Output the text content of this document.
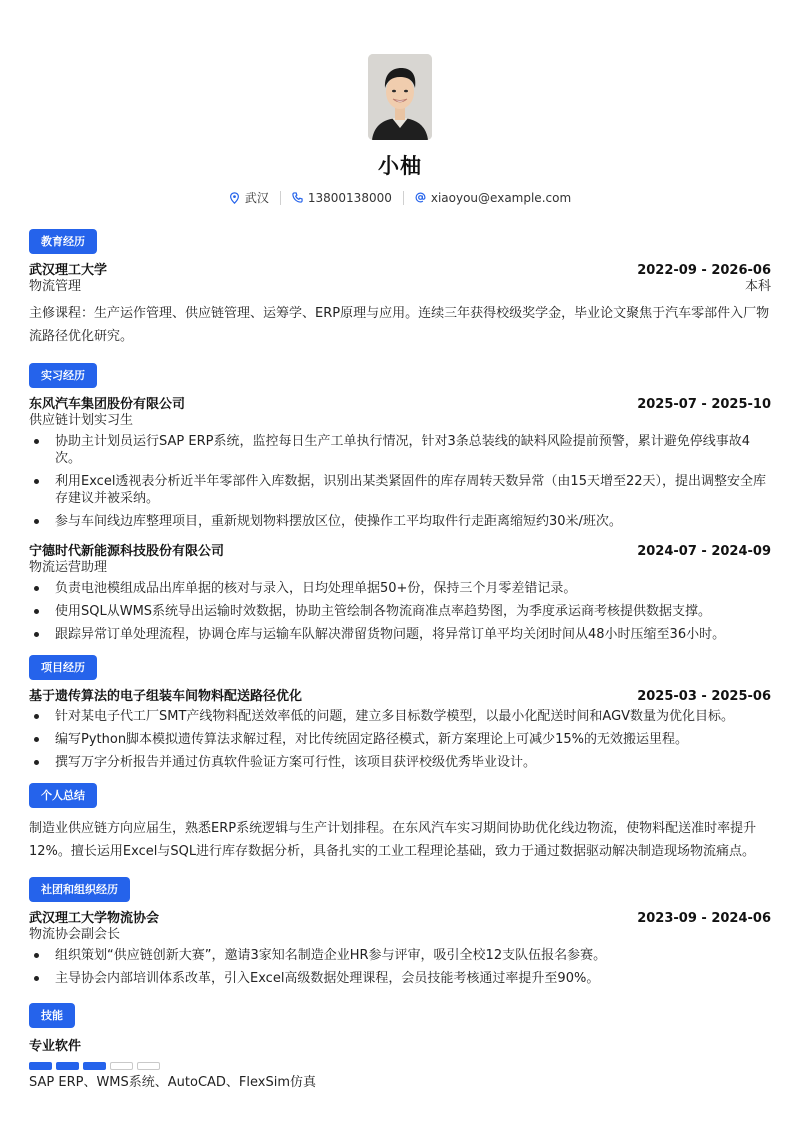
小柚
武汉	13800138000	xiaoyou@example.com
教育经历
武汉理工大学	2022-09 - 2026-06
物流管理	本科
主修课程：生产运作管理、供应链管理、运筹学、ERP原理与应用。连续三年获得校级奖学金，毕业论文聚焦于汽车零部件入厂物流路径优化研究。
实习经历
东风汽车集团股份有限公司	2025-07 - 2025-10
供应链计划实习生
协助主计划员运行SAP ERP系统，监控每日生产工单执行情况，针对3条总装线的缺料风险提前预警，累计避免停线事故4次。
利用Excel透视表分析近半年零部件入库数据，识别出某类紧固件的库存周转天数异常（由15天增至22天），提出调整安全库存建议并被采纳。
参与车间线边库整理项目，重新规划物料摆放区位，使操作工平均取件行走距离缩短约30米/班次。
宁德时代新能源科技股份有限公司	2024-07 - 2024-09
物流运营助理
负责电池模组成品出库单据的核对与录入，日均处理单据50+份，保持三个月零差错记录。
使用SQL从WMS系统导出运输时效数据，协助主管绘制各物流商准点率趋势图，为季度承运商考核提供数据支撑。
跟踪异常订单处理流程，协调仓库与运输车队解决滞留货物问题，将异常订单平均关闭时间从48小时压缩至36小时。
项目经历
基于遗传算法的电子组装车间物料配送路径优化	2025-03 - 2025-06
针对某电子代工厂SMT产线物料配送效率低的问题，建立多目标数学模型，以最小化配送时间和AGV数量为优化目标。
编写Python脚本模拟遗传算法求解过程，对比传统固定路径模式，新方案理论上可减少15%的无效搬运里程。
撰写万字分析报告并通过仿真软件验证方案可行性，该项目获评校级优秀毕业设计。
个人总结
制造业供应链方向应届生，熟悉ERP系统逻辑与生产计划排程。在东风汽车实习期间协助优化线边物流，使物料配送准时率提升12%。擅长运用Excel与SQL进行库存数据分析，具备扎实的工业工程理论基础，致力于通过数据驱动解决制造现场物流痛点。
社团和组织经历
武汉理工大学物流协会	2023-09 - 2024-06
物流协会副会长
组织策划“供应链创新大赛”，邀请3家知名制造企业HR参与评审，吸引全校12支队伍报名参赛。
主导协会内部培训体系改革，引入Excel高级数据处理课程，会员技能考核通过率提升至90%。
技能
专业软件
SAP ERP、WMS系统、AutoCAD、FlexSim仿真
